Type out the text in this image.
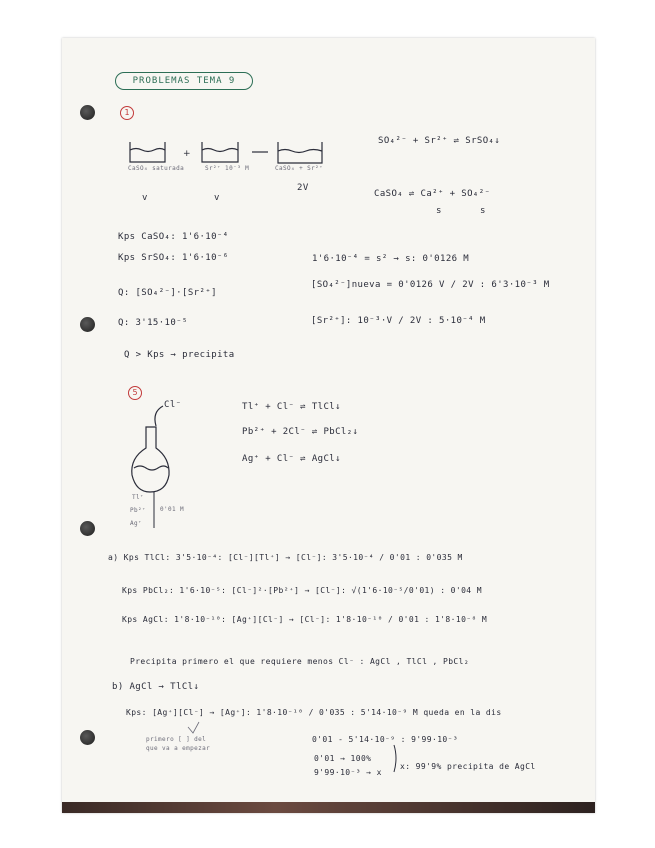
PROBLEMAS TEMA 9
1
+
CaSO₄ saturada	Sr²⁺ 10⁻³ M	CaSO₄ + Sr²⁺
2V
v	v
SO₄²⁻ + Sr²⁺ ⇌ SrSO₄↓
CaSO₄ ⇌ Ca²⁺ + SO₄²⁻
s	s
Kps CaSO₄: 1'6·10⁻⁴
Kps SrSO₄: 1'6·10⁻⁶	1'6·10⁻⁴ = s² → s: 0'0126 M
Q: [SO₄²⁻]·[Sr²⁺]
[SO₄²⁻]nueva = 0'0126 V / 2V : 6'3·10⁻³ M
Q: 3'15·10⁻⁵	[Sr²⁺]: 10⁻³·V / 2V : 5·10⁻⁴ M
Q > Kps → precipita
5
Cl⁻	Tl⁺ + Cl⁻ ⇌ TlCl↓
Pb²⁺ + 2Cl⁻ ⇌ PbCl₂↓
Ag⁺ + Cl⁻ ⇌ AgCl↓
Tl⁺
Pb²⁺
Ag⁺
0'01 M
a) Kps TlCl: 3'5·10⁻⁴: [Cl⁻][Tl⁺] → [Cl⁻]: 3'5·10⁻⁴ / 0'01 : 0'035 M
Kps PbCl₂: 1'6·10⁻⁵: [Cl⁻]²·[Pb²⁺] → [Cl⁻]: √(1'6·10⁻⁵/0'01) : 0'04 M
Kps AgCl: 1'8·10⁻¹⁰: [Ag⁺][Cl⁻] → [Cl⁻]: 1'8·10⁻¹⁰ / 0'01 : 1'8·10⁻⁸ M
Precipita primero el que requiere menos Cl⁻ : AgCl , TlCl , PbCl₂
b) AgCl → TlCl↓
Kps: [Ag⁺][Cl⁻] → [Ag⁺]: 1'8·10⁻¹⁰ / 0'035 : 5'14·10⁻⁹ M queda en la dis
primero [ ] del
que va a empezar
0'01 - 5'14·10⁻⁹ : 9'99·10⁻³
0'01 → 100%
9'99·10⁻³ → x
x: 99'9% precipita de AgCl
